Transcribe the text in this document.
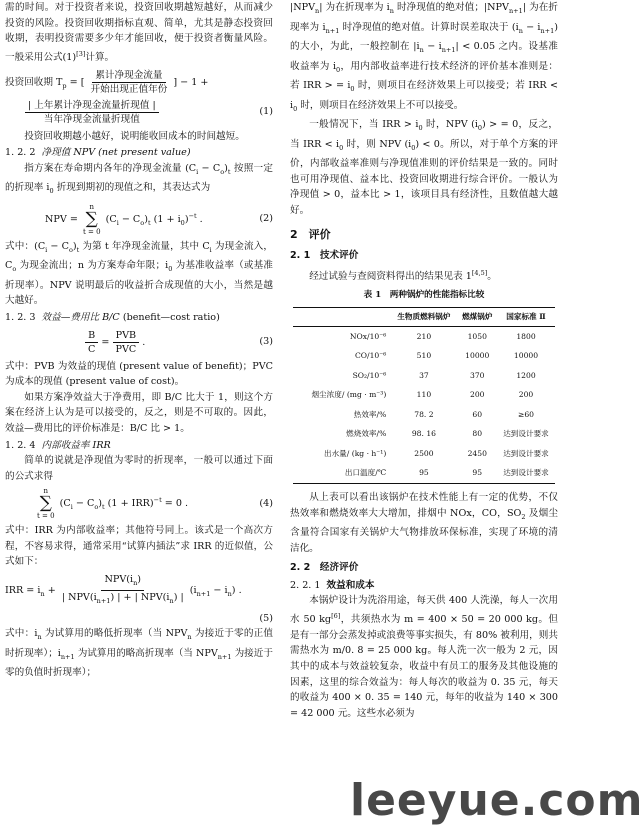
需的时间。对于投资者来说，投资回收期越短越好，从而减少投资的风险。投资回收期指标直观、简单，尤其是静态投资回收期，表明投资需要多少年才能回收，便于投资者衡量风险。一般采用公式(1)[3]计算。

投资回收期 $T_p$ = [ $\frac{\text{累计净现金流量}}{\text{开始出现正值年份}}$ ] − 1 +
$\frac{\text{| 上年累计净现金流量折现值 |}}{\text{当年净现金流量折现值}}$	(1)

投资回收期越小越好，说明能收回成本的时间越短。

1. 2. 2 净现值 NPV (net present value)

指方案在寿命期内各年的净现金流量 $(C_i - C_o)_t$ 按照一定的折现率 $i_0$ 折现到期初的现值之和，其表达式为

NPV =
n
∑
t = 0
$(C_i - C_o)_t$ $(1 + i_0)^{-t}$ .	(2)

式中：$(C_i - C_o)_t$ 为第 t 年净现金流量，其中 $C_i$ 为现金流入，$C_o$ 为现金流出；n 为方案寿命年限；$i_0$ 为基准收益率（或基准折现率）。NPV 说明最后的收益折合成现值的大小，当然是越大越好。

1. 2. 3 效益—费用比 B/C (benefit—cost ratio)

$\frac{B}{C} = \frac{\text{PVB}}{\text{PVC}}$ .	(3)

式中：PVB 为效益的现值 (present value of benefit)；PVC 为成本的现值 (present value of cost)。

如果方案净效益大于净费用，即 B/C 比大于 1，则这个方案在经济上认为是可以接受的，反之，则是不可取的。因此，效益—费用比的评价标准是：B/C 比 > 1。

1. 2. 4 内部收益率 IRR

简单的说就是净现值为零时的折现率，一般可以通过下面的公式求得

n
∑
t = 0
$(C_i - C_o)_t$ (1 + IRR)$^{-t}$ = 0 .	(4)

式中：IRR 为内部收益率；其他符号同上。该式是一个高次方程，不容易求得，通常采用“试算内插法”求 IRR 的近似值，公式如下：

IRR = $i_n + \frac{NPV(i_n)}{| NPV(i_{n+1}) | + | NPV(i_n) |} (i_{n+1} - i_n)$ .
(5)

式中：$i_n$ 为试算用的略低折现率（当 $NPV_n$ 为接近于零的正值时折现率）；$i_{n+1}$ 为试算用的略高折现率（当 $NPV_{n+1}$ 为接近于零的负值时折现率）；

$|NPV_n|$ 为在折现率为 $i_n$ 时净现值的绝对值；$|NPV_{n+1}|$ 为在折现率为 $i_{n+1}$ 时净现值的绝对值。计算时误差取决于 $(i_n - i_{n+1})$ 的大小，为此，一般控制在 $|i_n - i_{n+1}| < 0.05$ 之内。设基准收益率为 $i_0$，用内部收益率进行技术经济的评价基本准则是：若 IRR > = $i_0$ 时，则项目在经济效果上可以接受；若 IRR < $i_0$ 时，则项目在经济效果上不可以接受。

一般情况下，当 IRR > $i_0$ 时，NPV $(i_0)$ > = 0，反之，当 IRR < $i_0$ 时，则 NPV $(i_0) < 0$。所以，对于单个方案的评价，内部收益率准则与净现值准则的评价结果是一致的。同时也可用净现值、益本比、投资回收期进行综合评价。一般认为净现值 > 0，益本比 > 1，该项目具有经济性，且数值越大越好。

2　评价
2. 1　技术评价

经过试验与查阅资料得出的结果见表 1[4,5]。

表 1　两种锅炉的性能指标比较
	生物质燃料锅炉	燃煤锅炉	国家标准 Ⅱ
NOx/10⁻⁶	210	1050	1800
CO/10⁻⁶	510	10000	10000
SO₂/10⁻⁶	37	370	1200
烟尘浓度/ (mg · m⁻³)	110	200	200
热效率/%	78. 2	60	≥60
燃烧效率/%	98. 16	80	达到设计要求
出水量/ (kg · h⁻¹)	2500	2450	达到设计要求
出口温度/℃	95	95	达到设计要求

从上表可以看出该锅炉在技术性能上有一定的优势，不仅热效率和燃烧效率大大增加，排烟中 NOx，CO，$SO_2$ 及烟尘含量符合国家有关锅炉大气物排放环保标准，实现了环境的清洁化。

2. 2　经济评价

2. 2. 1 效益和成本

本锅炉设计为洗浴用途，每天供 400 人洗澡，每人一次用水 50 kg[6]，共须热水为 m = 400 × 50 = 20 000 kg。但是有一部分会蒸发掉或浪费等事实损失，有 80% 被利用，则共需热水为 m/0. 8 = 25 000 kg。每人洗一次一般为 2 元，因其中的成本与效益较复杂，收益中有员工的服务及其他设施的因素，这里的综合效益为：每人每次的收益为 0. 35 元，每天的收益为 400 × 0. 35 = 140 元，每年的收益为 140 × 300 = 42 000 元。这些水必须为

leeyue.com
